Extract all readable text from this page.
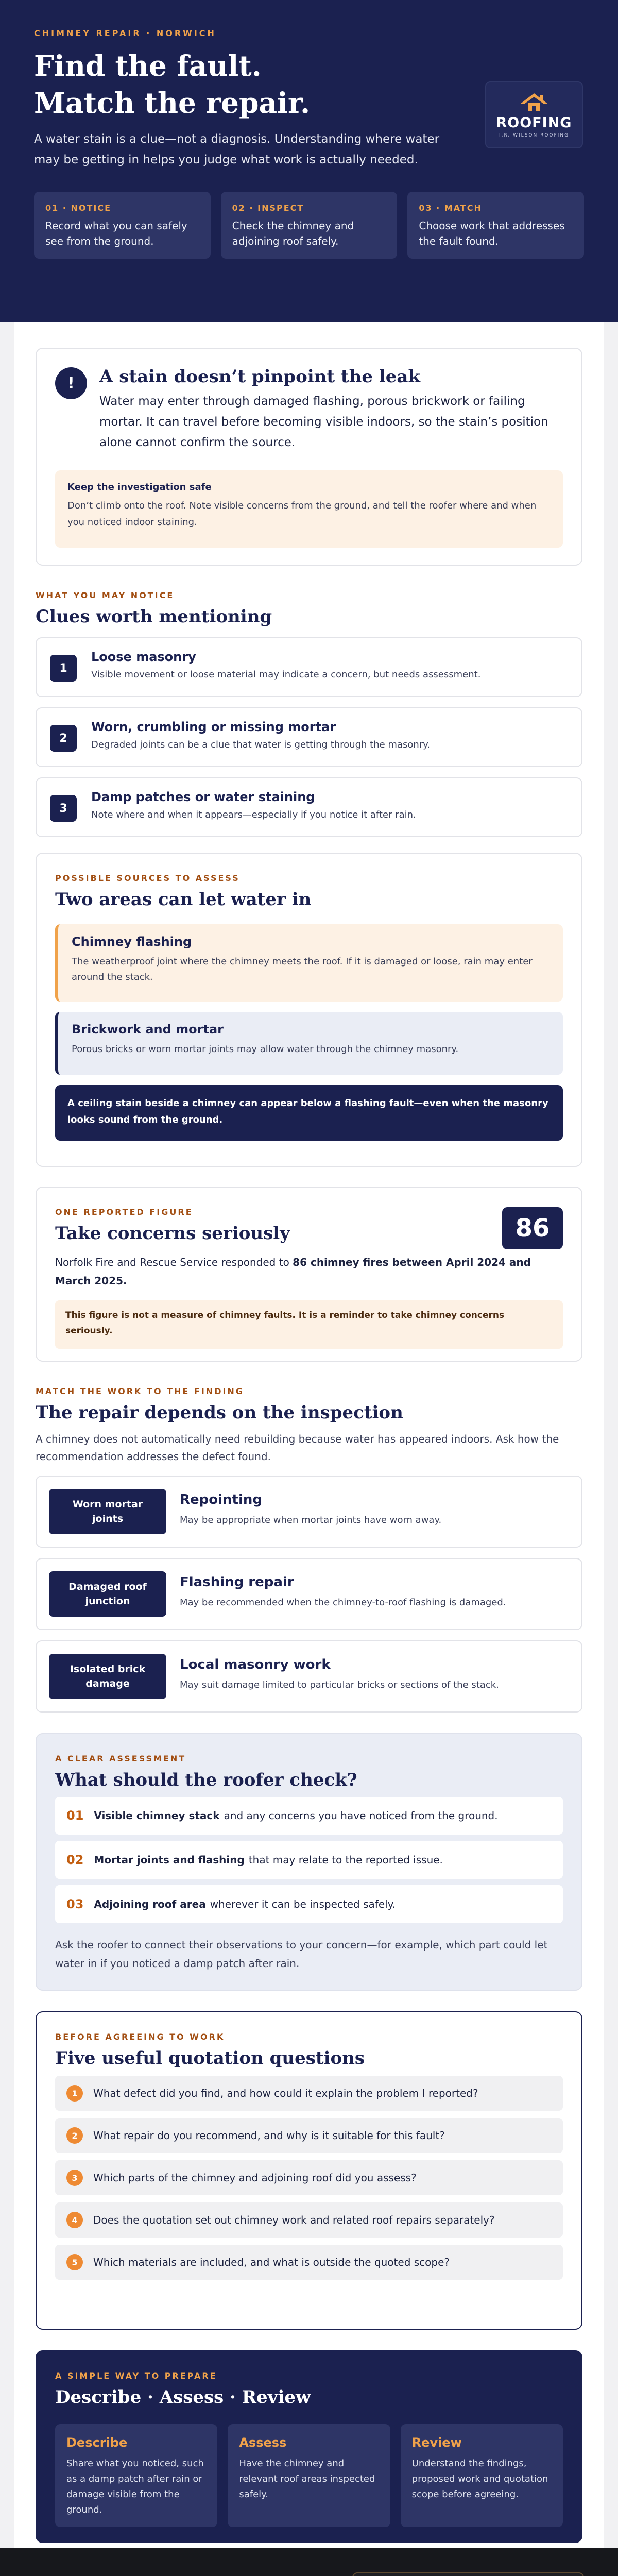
CHIMNEY REPAIR · NORWICH
Find the fault.
Match the repair.

A water stain is a clue—not a diagnosis. Understanding where water may be getting in helps you judge what work is actually needed.

ROOFING
I.R. WILSON ROOFING
01 · NOTICE
Record what you can safely see from the ground.
02 · INSPECT
Check the chimney and adjoining roof safely.
03 · MATCH
Choose work that addresses the fault found.
!	A stain doesn’t pinpoint the leak

Water may enter through damaged flashing, porous brickwork or failing mortar. It can travel before becoming visible indoors, so the stain’s position alone cannot confirm the source.

Keep the investigation safe
Don’t climb onto the roof. Note visible concerns from the ground, and tell the roofer where and when you noticed indoor staining.
WHAT YOU MAY NOTICE
Clues worth mentioning
1
Loose masonry
Visible movement or loose material may indicate a concern, but needs assessment.
2
Worn, crumbling or missing mortar
Degraded joints can be a clue that water is getting through the masonry.
3
Damp patches or water staining
Note where and when it appears—especially if you notice it after rain.
POSSIBLE SOURCES TO ASSESS
Two areas can let water in
Chimney flashing
The weatherproof joint where the chimney meets the roof. If it is damaged or loose, rain may enter around the stack.
Brickwork and mortar
Porous bricks or worn mortar joints may allow water through the chimney masonry.
A ceiling stain beside a chimney can appear below a flashing fault—even when the masonry looks sound from the ground.
ONE REPORTED FIGURE
Take concerns seriously	86

Norfolk Fire and Rescue Service responded to 86 chimney fires between April 2024 and March 2025.

This figure is not a measure of chimney faults. It is a reminder to take chimney concerns seriously.
MATCH THE WORK TO THE FINDING
The repair depends on the inspection

A chimney does not automatically need rebuilding because water has appeared indoors. Ask how the recommendation addresses the defect found.

Worn mortar joints
Repointing
May be appropriate when mortar joints have worn away.
Damaged roof junction
Flashing repair
May be recommended when the chimney-to-roof flashing is damaged.
Isolated brick damage
Local masonry work
May suit damage limited to particular bricks or sections of the stack.
A CLEAR ASSESSMENT
What should the roofer check?
01 Visible chimney stack and any concerns you have noticed from the ground.
02 Mortar joints and flashing that may relate to the reported issue.
03 Adjoining roof area wherever it can be inspected safely.

Ask the roofer to connect their observations to your concern—for example, which part could let water in if you noticed a damp patch after rain.

BEFORE AGREEING TO WORK
Five useful quotation questions
1	What defect did you find, and how could it explain the problem I reported?
2	What repair do you recommend, and why is it suitable for this fault?
3	Which parts of the chimney and adjoining roof did you assess?
4	Does the quotation set out chimney work and related roof repairs separately?
5	Which materials are included, and what is outside the quoted scope?
A SIMPLE WAY TO PREPARE
Describe · Assess · Review
Describe
Share what you noticed, such as a damp patch after rain or damage visible from the ground.
Assess
Have the chimney and relevant roof areas inspected safely.
Review
Understand the findings, proposed work and quotation scope before agreeing.
